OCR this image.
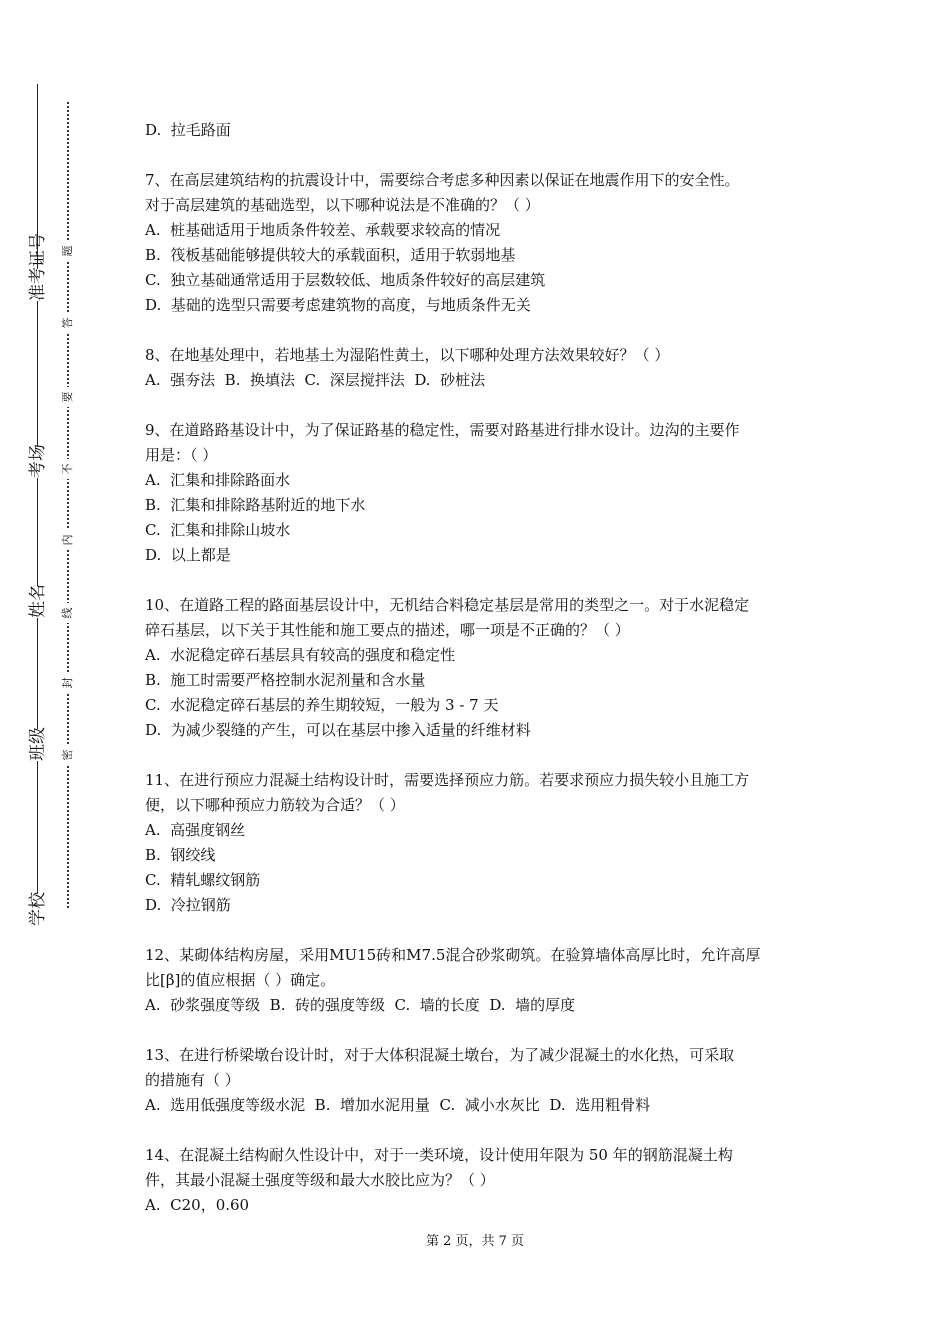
准考证号
考场
姓名
班级
学校
题
答
要
不
内
线
封
密

D.  拉毛路面

7、在高层建筑结构的抗震设计中，需要综合考虑多种因素以保证在地震作用下的安全性。

对于高层建筑的基础选型，以下哪种说法是不准确的？（ ）

A.  桩基础适用于地质条件较差、承载要求较高的情况

B.  筏板基础能够提供较大的承载面积，适用于软弱地基

C.  独立基础通常适用于层数较低、地质条件较好的高层建筑

D.  基础的选型只需要考虑建筑物的高度，与地质条件无关

8、在地基处理中，若地基土为湿陷性黄土，以下哪种处理方法效果较好？（ ）

A.  强夯法  B.  换填法  C.  深层搅拌法  D.  砂桩法

9、在道路路基设计中，为了保证路基的稳定性，需要对路基进行排水设计。边沟的主要作

用是：（ ）

A.  汇集和排除路面水

B.  汇集和排除路基附近的地下水

C.  汇集和排除山坡水

D.  以上都是

10、在道路工程的路面基层设计中，无机结合料稳定基层是常用的类型之一。对于水泥稳定

碎石基层，以下关于其性能和施工要点的描述，哪一项是不正确的？（ ）

A.  水泥稳定碎石基层具有较高的强度和稳定性

B.  施工时需要严格控制水泥剂量和含水量

C.  水泥稳定碎石基层的养生期较短，一般为 3 - 7 天

D.  为减少裂缝的产生，可以在基层中掺入适量的纤维材料

11、在进行预应力混凝土结构设计时，需要选择预应力筋。若要求预应力损失较小且施工方

便，以下哪种预应力筋较为合适？（ ）

A.  高强度钢丝

B.  钢绞线

C.  精轧螺纹钢筋

D.  冷拉钢筋

12、某砌体结构房屋，采用MU15砖和M7.5混合砂浆砌筑。在验算墙体高厚比时，允许高厚

比[β]的值应根据（ ）确定。

A.  砂浆强度等级  B.  砖的强度等级  C.  墙的长度  D.  墙的厚度

13、在进行桥梁墩台设计时，对于大体积混凝土墩台，为了减少混凝土的水化热，可采取

的措施有（ ）

A.  选用低强度等级水泥  B.  增加水泥用量  C.  减小水灰比  D.  选用粗骨料

14、在混凝土结构耐久性设计中，对于一类环境，设计使用年限为 50 年的钢筋混凝土构

件，其最小混凝土强度等级和最大水胶比应为？（ ）

A.  C20，0.60

第 2 页，共 7 页
